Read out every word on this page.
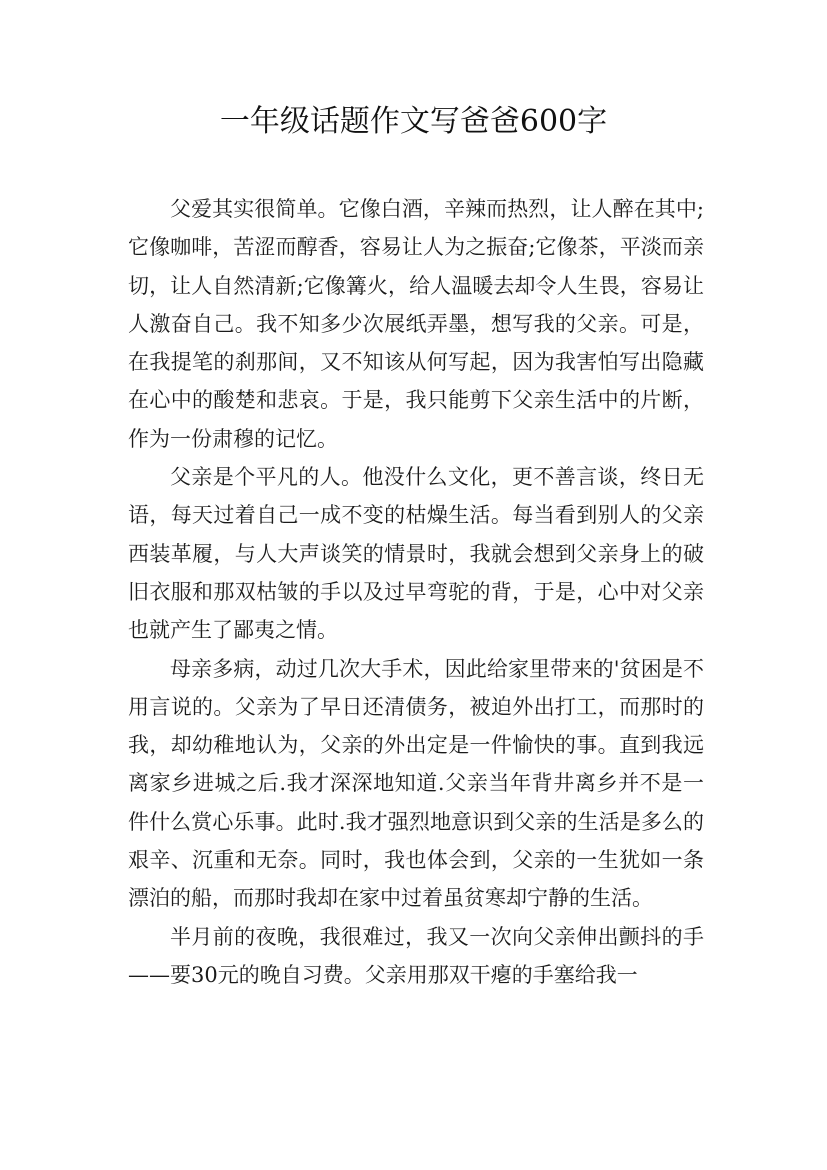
一年级话题作文写爸爸600字

父爱其实很简单。它像白酒，辛辣而热烈，让人醉在其中;它像咖啡，苦涩而醇香，容易让人为之振奋;它像茶，平淡而亲切，让人自然清新;它像篝火，给人温暖去却令人生畏，容易让人激奋自己。我不知多少次展纸弄墨，想写我的父亲。可是，在我提笔的刹那间，又不知该从何写起，因为我害怕写出隐藏在心中的酸楚和悲哀。于是，我只能剪下父亲生活中的片断，作为一份肃穆的记忆。

父亲是个平凡的人。他没什么文化，更不善言谈，终日无语，每天过着自己一成不变的枯燥生活。每当看到别人的父亲西装革履，与人大声谈笑的情景时，我就会想到父亲身上的破旧衣服和那双枯皱的手以及过早弯驼的背，于是，心中对父亲也就产生了鄙夷之情。

母亲多病，动过几次大手术，因此给家里带来的'贫困是不用言说的。父亲为了早日还清债务，被迫外出打工，而那时的我，却幼稚地认为，父亲的外出定是一件愉快的事。直到我远离家乡进城之后.我才深深地知道.父亲当年背井离乡并不是一件什么赏心乐事。此时.我才强烈地意识到父亲的生活是多么的艰辛、沉重和无奈。同时，我也体会到，父亲的一生犹如一条漂泊的船，而那时我却在家中过着虽贫寒却宁静的生活。

半月前的夜晚，我很难过，我又一次向父亲伸出颤抖的手——要30元的晚自习费。父亲用那双干瘪的手塞给我一
